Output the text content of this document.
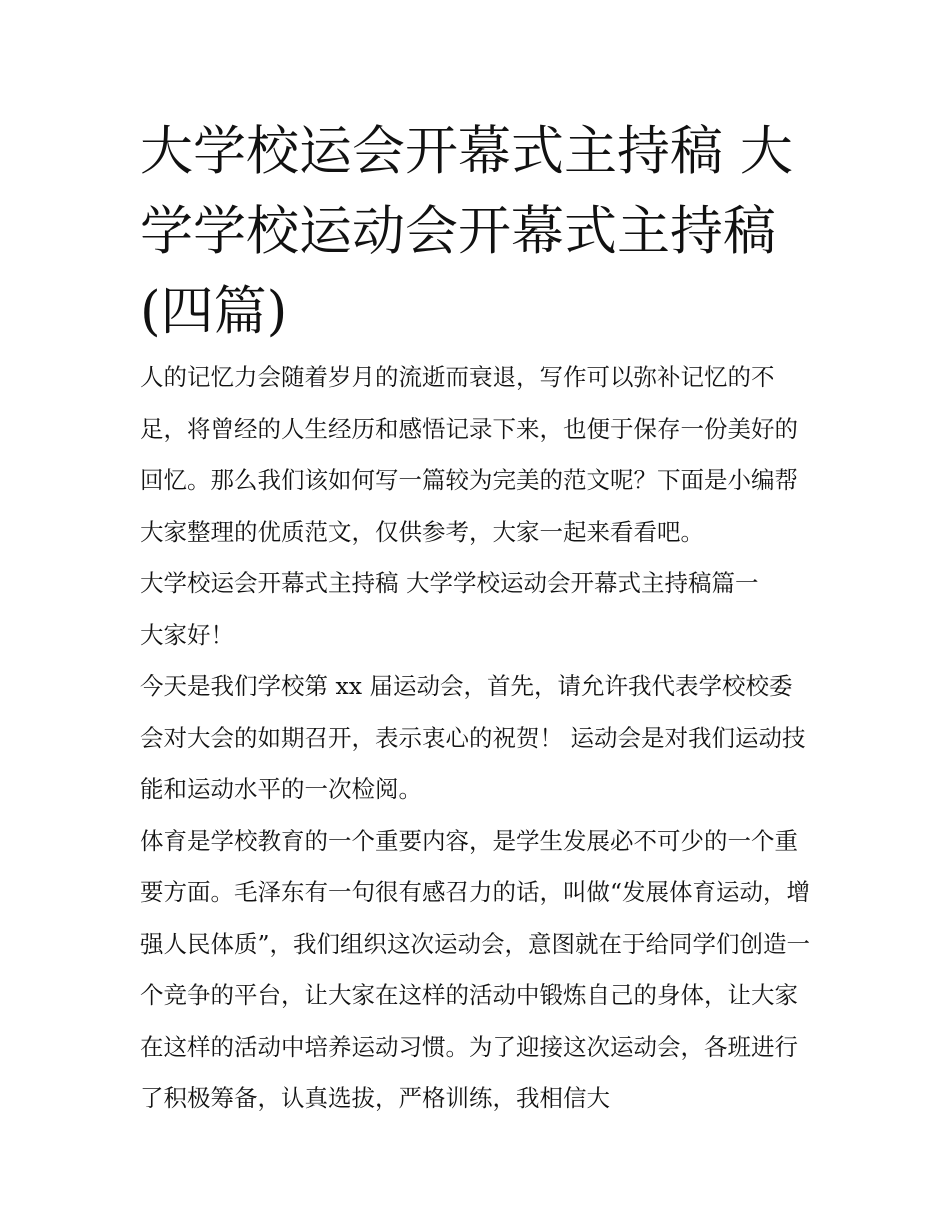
大学校运会开幕式主持稿 大学学校运动会开幕式主持稿(四篇)

人的记忆力会随着岁月的流逝而衰退，写作可以弥补记忆的不足，将曾经的人生经历和感悟记录下来，也便于保存一份美好的回忆。那么我们该如何写一篇较为完美的范文呢？下面是小编帮大家整理的优质范文，仅供参考，大家一起来看看吧。

大学校运会开幕式主持稿 大学学校运动会开幕式主持稿篇一

大家好！

今天是我们学校第 xx 届运动会，首先，请允许我代表学校校委会对大会的如期召开，表示衷心的祝贺！ 运动会是对我们运动技能和运动水平的一次检阅。

体育是学校教育的一个重要内容，是学生发展必不可少的一个重要方面。毛泽东有一句很有感召力的话，叫做“发展体育运动，增强人民体质”，我们组织这次运动会，意图就在于给同学们创造一个竞争的平台，让大家在这样的活动中锻炼自己的身体，让大家在这样的活动中培养运动习惯。为了迎接这次运动会，各班进行了积极筹备，认真选拔，严格训练，我相信大
